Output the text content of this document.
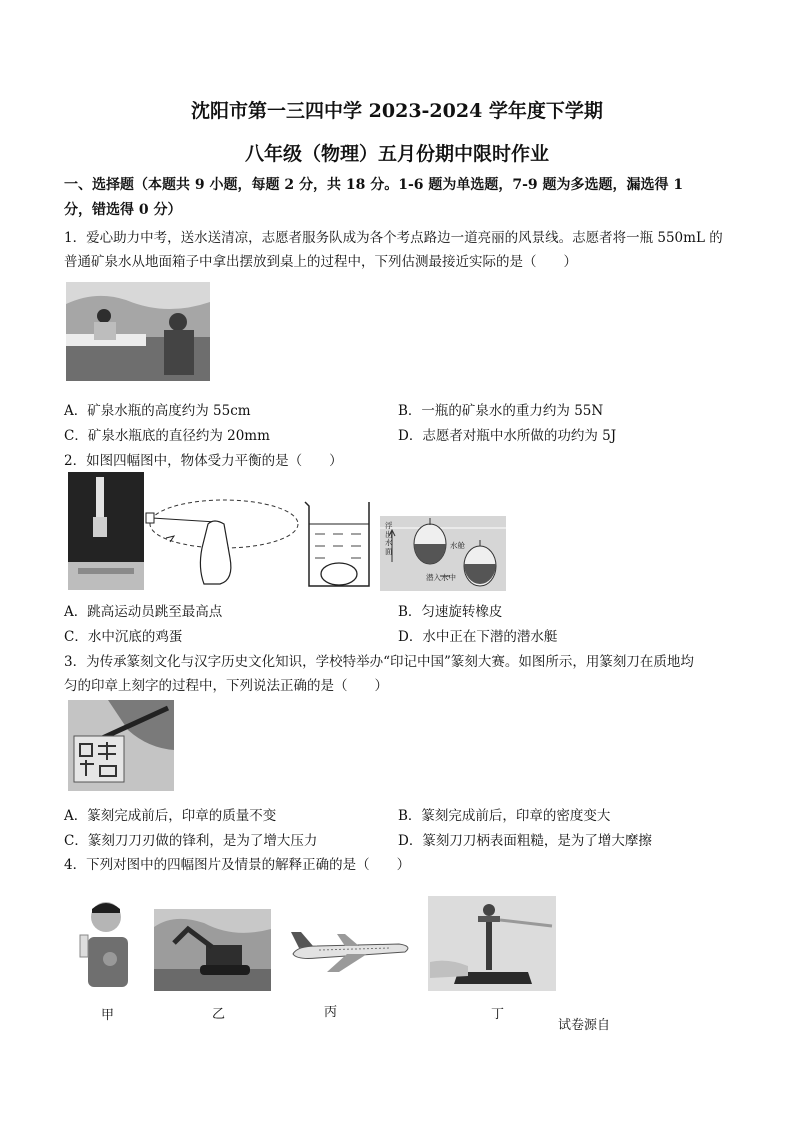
沈阳市第一三四中学 2023-2024 学年度下学期
八年级（物理）五月份期中限时作业
一、选择题（本题共 9 小题，每题 2 分，共 18 分。1-6 题为单选题，7-9 题为多选题，漏选得 1
分，错选得 0 分）
1．爱心助力中考，送水送清凉，志愿者服务队成为各个考点路边一道亮丽的风景线。志愿者将一瓶 550mL 的
普通矿泉水从地面箱子中拿出摆放到桌上的过程中，下列估测最接近实际的是（　　）
A．矿泉水瓶的高度约为 55cm	B．一瓶的矿泉水的重力约为 55N
C．矿泉水瓶底的直径约为 20mm	D．志愿者对瓶中水所做的功约为 5J
2．如图四幅图中，物体受力平衡的是（　　）
浮出水面
水舱
潜入水中
A．跳高运动员跳至最高点	B．匀速旋转橡皮
C．水中沉底的鸡蛋	D．水中正在下潜的潜水艇
3．为传承篆刻文化与汉字历史文化知识，学校特举办“印记中国”篆刻大赛。如图所示，用篆刻刀在质地均
匀的印章上刻字的过程中，下列说法正确的是（　　）
A．篆刻完成前后，印章的质量不变	B．篆刻完成前后，印章的密度变大
C．篆刻刀刀刃做的锋利，是为了增大压力	D．篆刻刀刀柄表面粗糙，是为了增大摩擦
4．下列对图中的四幅图片及情景的解释正确的是（　　）
甲	乙	丙	丁
试卷源自
